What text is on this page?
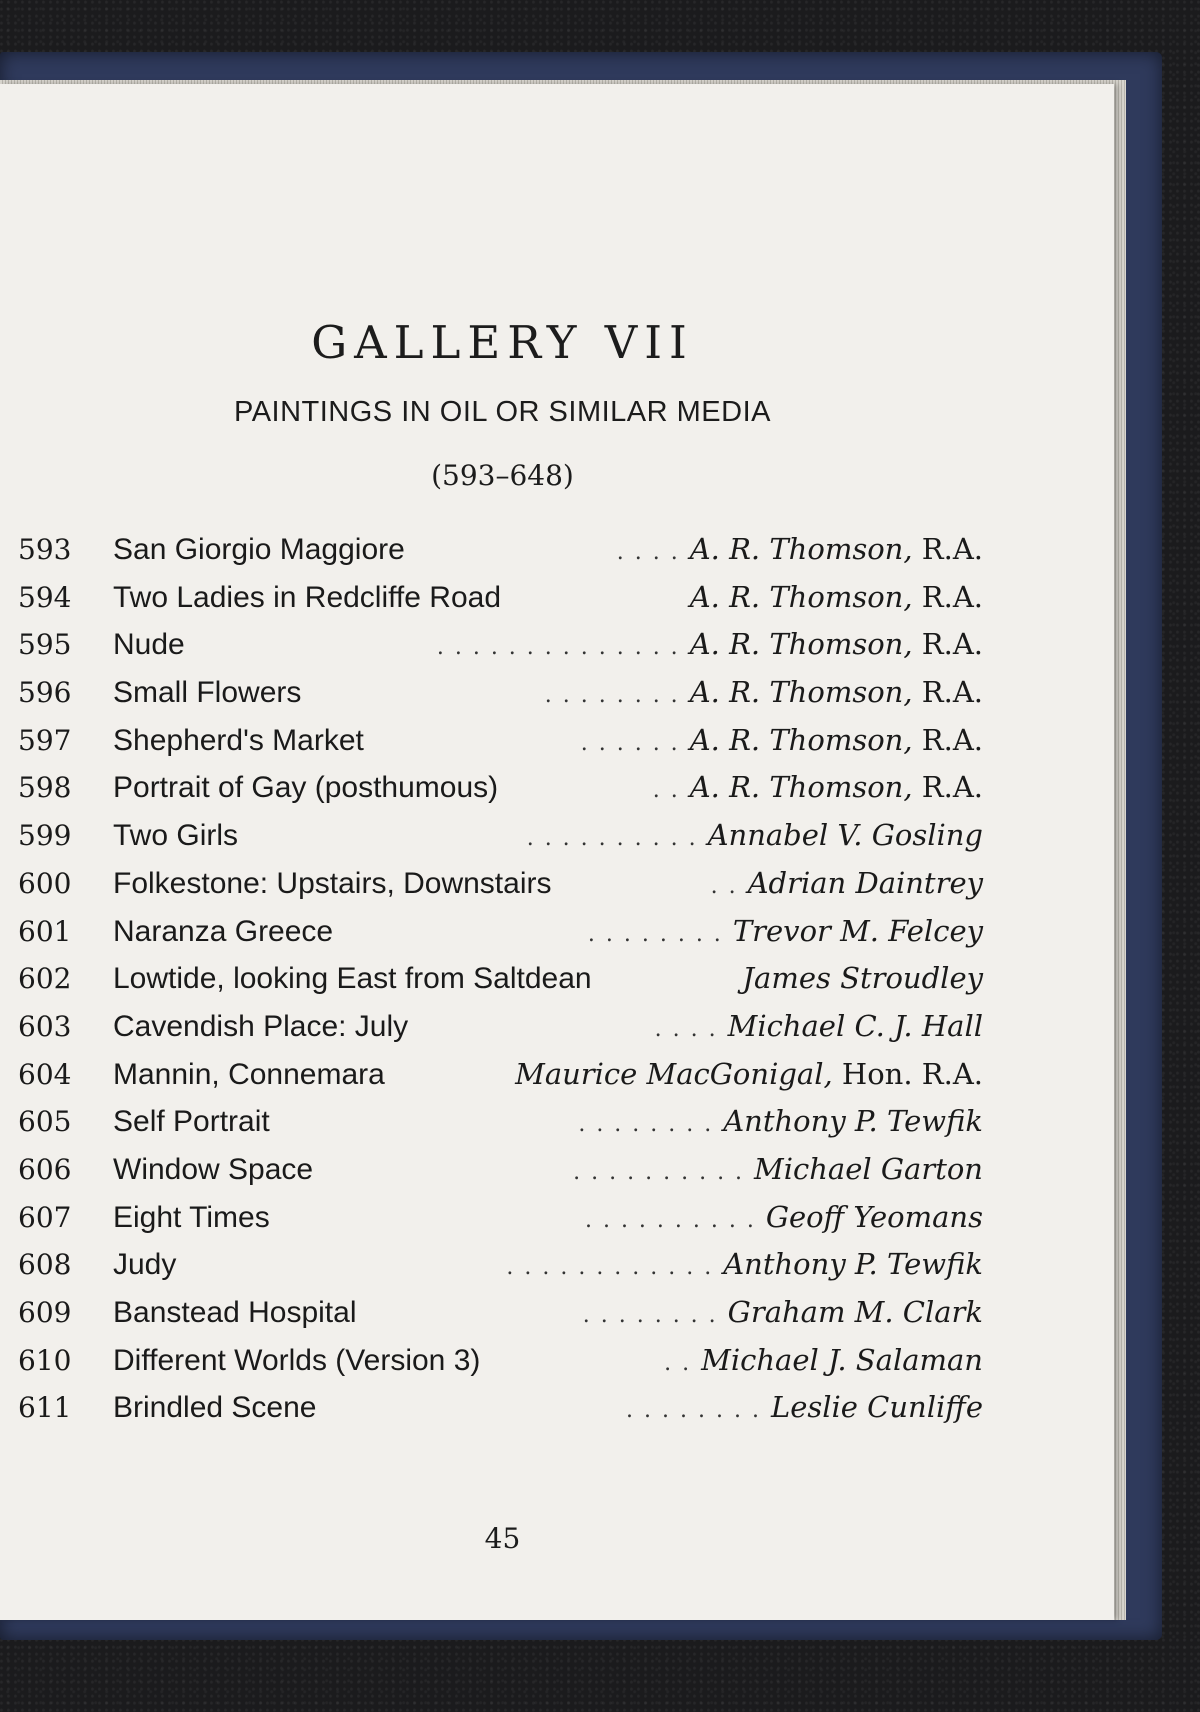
GALLERY VII
PAINTINGS IN OIL OR SIMILAR MEDIA
(593–648)
593	San Giorgio Maggiore	. . . . A. R. Thomson, R.A.
594	Two Ladies in Redcliffe Road	A. R. Thomson, R.A.
595	Nude	. . . . . . . . . . . . . . A. R. Thomson, R.A.
596	Small Flowers	. . . . . . . . A. R. Thomson, R.A.
597	Shepherd's Market	. . . . . . A. R. Thomson, R.A.
598	Portrait of Gay (posthumous)	. . A. R. Thomson, R.A.
599	Two Girls	. . . . . . . . . . Annabel V. Gosling
600	Folkestone: Upstairs, Downstairs	. . Adrian Daintrey
601	Naranza Greece	. . . . . . . . Trevor M. Felcey
602	Lowtide, looking East from Saltdean	James Stroudley
603	Cavendish Place: July	. . . . Michael C. J. Hall
604	Mannin, Connemara	Maurice MacGonigal, Hon. R.A.
605	Self Portrait	. . . . . . . . Anthony P. Tewfik
606	Window Space	. . . . . . . . . . Michael Garton
607	Eight Times	. . . . . . . . . . Geoff Yeomans
608	Judy	. . . . . . . . . . . . Anthony P. Tewfik
609	Banstead Hospital	. . . . . . . . Graham M. Clark
610	Different Worlds (Version 3)	. . Michael J. Salaman
611	Brindled Scene	. . . . . . . . Leslie Cunliffe
45
